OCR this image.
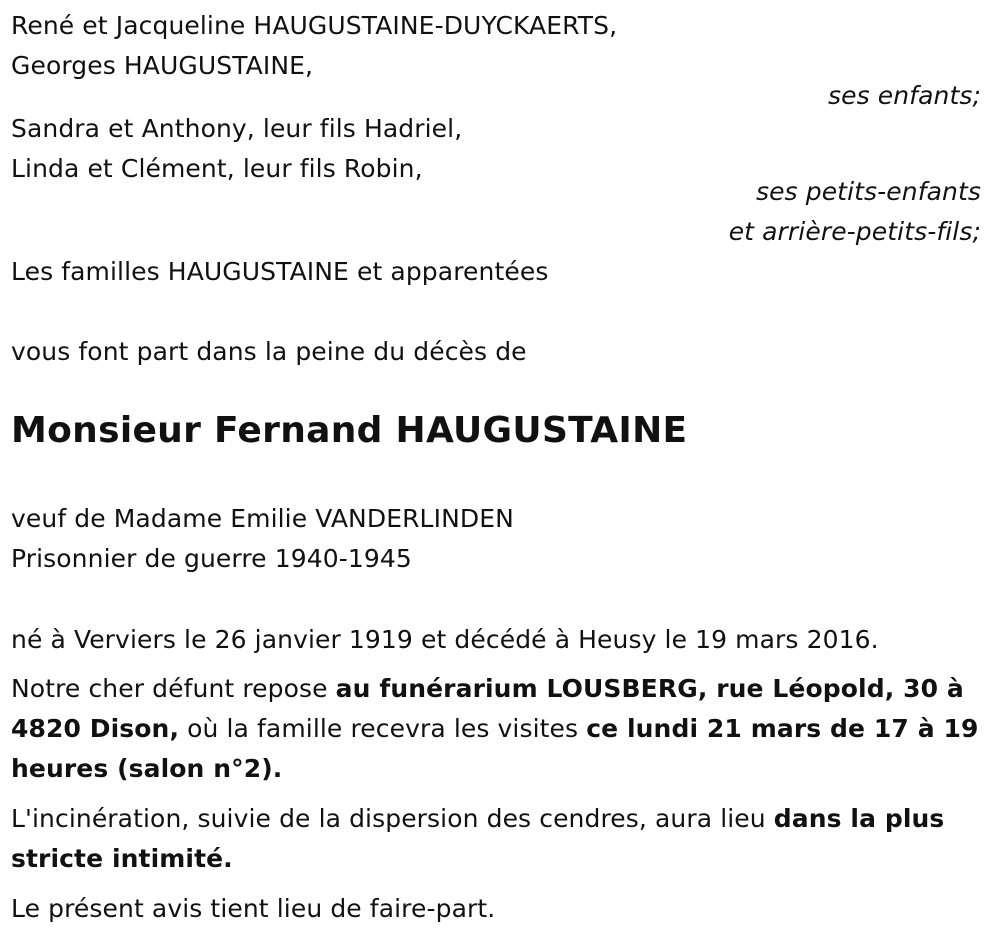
René et Jacqueline HAUGUSTAINE-DUYCKAERTS,
Georges HAUGUSTAINE,
ses enfants;
Sandra et Anthony, leur fils Hadriel,
Linda et Clément, leur fils Robin,
ses petits-enfants
et arrière-petits-fils;
Les familles HAUGUSTAINE et apparentées
vous font part dans la peine du décès de
Monsieur Fernand HAUGUSTAINE
veuf de Madame Emilie VANDERLINDEN
Prisonnier de guerre 1940-1945
né à Verviers le 26 janvier 1919 et décédé à Heusy le 19 mars 2016.
Notre cher défunt repose au funérarium LOUSBERG, rue Léopold, 30 à 4820 Dison, où la famille recevra les visites ce lundi 21 mars de 17 à 19 heures (salon n°2).
L'incinération, suivie de la dispersion des cendres, aura lieu dans la plus stricte intimité.
Le présent avis tient lieu de faire-part.
